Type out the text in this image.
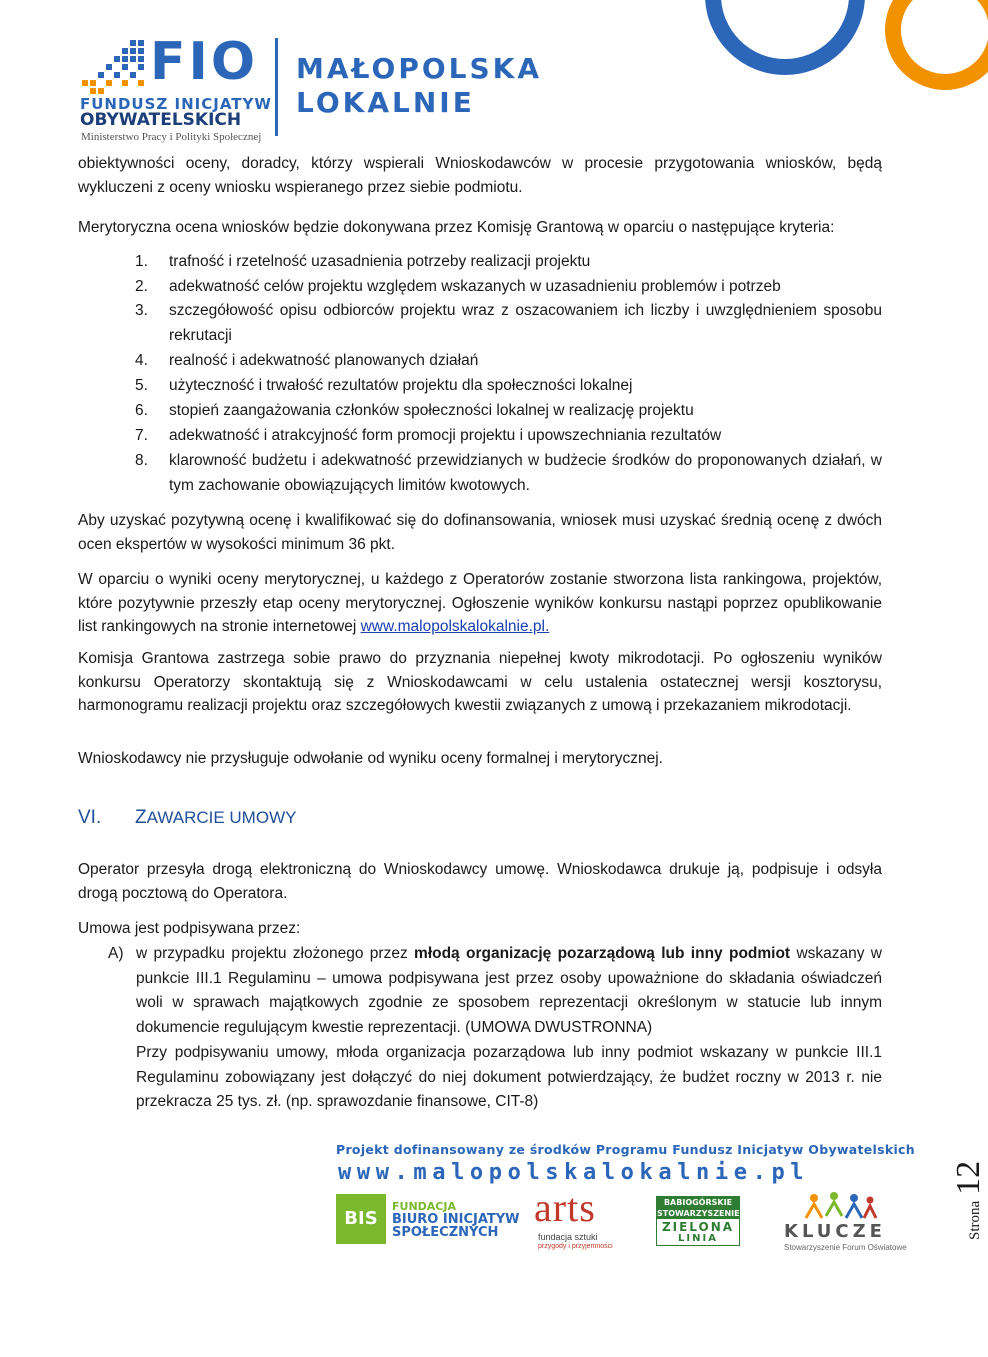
FIO
FUNDUSZ INICJATYW
OBYWATELSKICH
Ministerstwo Pracy i Polityki Społecznej
MAŁOPOLSKA
LOKALNIE
obiektywności oceny, doradcy, którzy wspierali Wnioskodawców w procesie przygotowania wniosków, będą wykluczeni z oceny wniosku wspieranego przez siebie podmiotu.
Merytoryczna ocena wniosków będzie dokonywana przez Komisję Grantową w oparciu o następujące kryteria:
1.	trafność i rzetelność uzasadnienia potrzeby realizacji projektu
2.	adekwatność celów projektu względem wskazanych w uzasadnieniu problemów i potrzeb
3.	szczegółowość opisu odbiorców projektu wraz z oszacowaniem ich liczby i uwzględnieniem sposobu rekrutacji
4.	realność i adekwatność planowanych działań
5.	użyteczność i trwałość rezultatów projektu dla społeczności lokalnej
6.	stopień zaangażowania członków społeczności lokalnej w realizację projektu
7.	adekwatność i atrakcyjność form promocji projektu i upowszechniania rezultatów
8.	klarowność budżetu i adekwatność przewidzianych w budżecie środków do proponowanych działań, w tym zachowanie obowiązujących limitów kwotowych.
Aby uzyskać pozytywną ocenę i kwalifikować się do dofinansowania, wniosek musi uzyskać średnią ocenę z dwóch ocen ekspertów w wysokości minimum 36 pkt.
W oparciu o wyniki oceny merytorycznej, u każdego z Operatorów zostanie stworzona lista rankingowa, projektów, które pozytywnie przeszły etap oceny merytorycznej. Ogłoszenie wyników konkursu nastąpi poprzez opublikowanie list rankingowych na stronie internetowej www.malopolskalokalnie.pl.
Komisja Grantowa zastrzega sobie prawo do przyznania niepełnej kwoty mikrodotacji. Po ogłoszeniu wyników konkursu Operatorzy skontaktują się z Wnioskodawcami w celu ustalenia ostatecznej wersji kosztorysu, harmonogramu realizacji projektu oraz szczegółowych kwestii związanych z umową i przekazaniem mikrodotacji.
Wnioskodawcy nie przysługuje odwołanie od wyniku oceny formalnej i merytorycznej.
VI. ZAWARCIE UMOWY
Operator przesyła drogą elektroniczną do Wnioskodawcy umowę. Wnioskodawca drukuje ją, podpisuje i odsyła drogą pocztową do Operatora.
Umowa jest podpisywana przez:
A) w przypadku projektu złożonego przez młodą organizację pozarządową lub inny podmiot wskazany w punkcie III.1 Regulaminu – umowa podpisywana jest przez osoby upoważnione do składania oświadczeń woli w sprawach majątkowych zgodnie ze sposobem reprezentacji określonym w statucie lub innym dokumencie regulującym kwestie reprezentacji. (UMOWA DWUSTRONNA)
Przy podpisywaniu umowy, młoda organizacja pozarządowa lub inny podmiot wskazany w punkcie III.1 Regulaminu zobowiązany jest dołączyć do niej dokument potwierdzający, że budżet roczny w 2013 r. nie przekracza 25 tys. zł. (np. sprawozdanie finansowe, CIT-8)
Projekt dofinansowany ze środków Programu Fundusz Inicjatyw Obywatelskich
www.malopolskalokalnie.pl
BIS
FUNDACJA
BIURO INICJATYW
SPOŁECZNYCH
arts
fundacja sztuki
przygody i przyjemności
BABIOGÓRSKIE
STOWARZYSZENIE
ZIELONA
LINIA	KLUCZE
Stowarzyszenie Forum Oświatowe
Strona12
